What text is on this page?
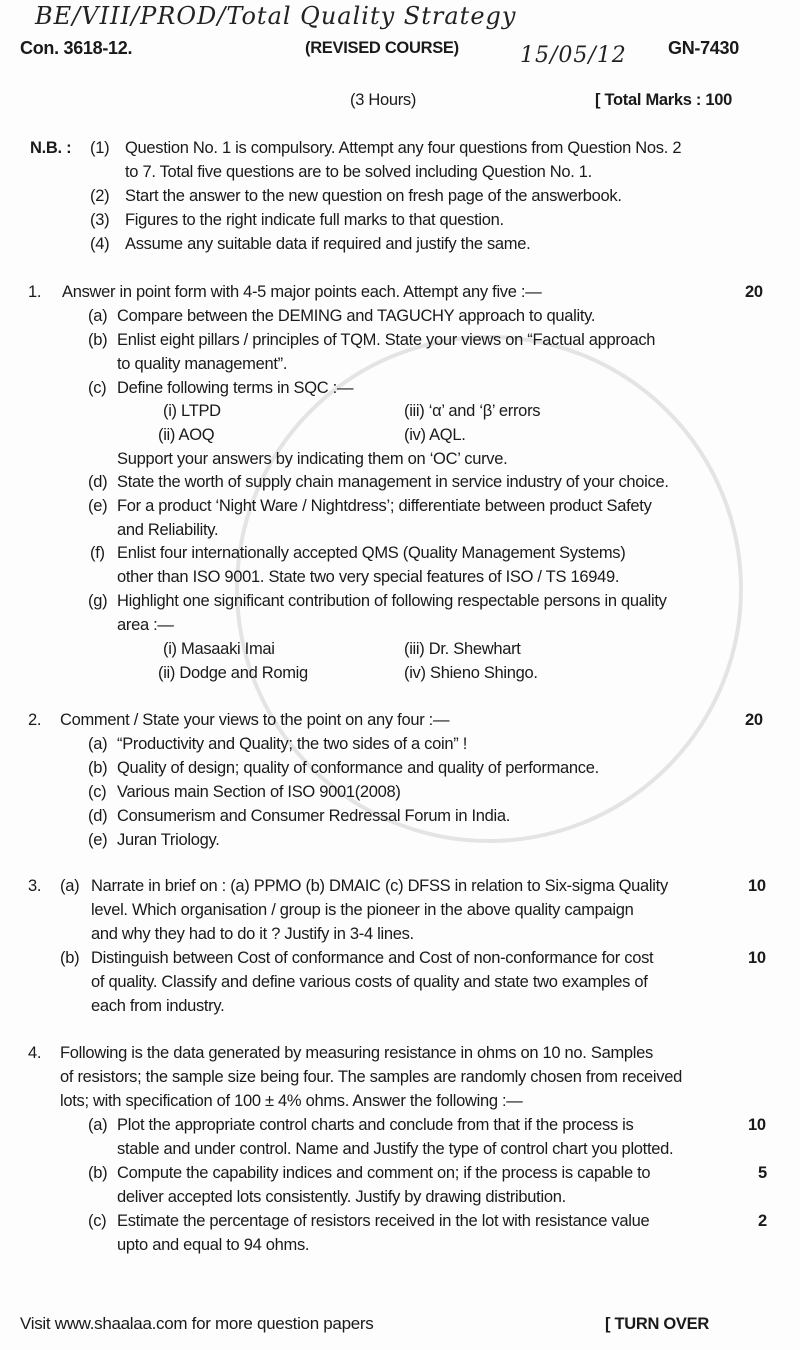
BE/VIII/PROD/Total Quality Strategy
Con. 3618-12.	(REVISED COURSE)	15/05/12 GN-7430
(3 Hours)	[ Total Marks : 100
N.B. : (1) Question No. 1 is compulsory. Attempt any four questions from Question Nos. 2
to 7. Total five questions are to be solved including Question No. 1.
(2) Start the answer to the new question on fresh page of the answerbook.
(3) Figures to the right indicate full marks to that question.
(4) Assume any suitable data if required and justify the same.
1. Answer in point form with 4-5 major points each. Attempt any five :—	20
(a) Compare between the DEMING and TAGUCHY approach to quality.
(b) Enlist eight pillars / principles of TQM. State your views on “Factual approach
to quality management”.
(c) Define following terms in SQC :—
(i) LTPD	(iii) ‘α’ and ‘β’ errors
(ii) AOQ	(iv) AQL.
Support your answers by indicating them on ‘OC’ curve.
(d) State the worth of supply chain management in service industry of your choice.
(e) For a product ‘Night Ware / Nightdress’; differentiate between product Safety
and Reliability.
(f) Enlist four internationally accepted QMS (Quality Management Systems)
other than ISO 9001. State two very special features of ISO / TS 16949.
(g) Highlight one significant contribution of following respectable persons in quality
area :—
(i) Masaaki Imai	(iii) Dr. Shewhart
(ii) Dodge and Romig	(iv) Shieno Shingo.
2. Comment / State your views to the point on any four :—	20
(a) “Productivity and Quality; the two sides of a coin” !
(b) Quality of design; quality of conformance and quality of performance.
(c) Various main Section of ISO 9001(2008)
(d) Consumerism and Consumer Redressal Forum in India.
(e) Juran Triology.
3. (a) Narrate in brief on : (a) PPMO (b) DMAIC (c) DFSS in relation to Six-sigma Quality	10
level. Which organisation / group is the pioneer in the above quality campaign
and why they had to do it ? Justify in 3-4 lines.
(b) Distinguish between Cost of conformance and Cost of non-conformance for cost	10
of quality. Classify and define various costs of quality and state two examples of
each from industry.
4. Following is the data generated by measuring resistance in ohms on 10 no. Samples
of resistors; the sample size being four. The samples are randomly chosen from received
lots; with specification of 100 ± 4% ohms. Answer the following :—
(a) Plot the appropriate control charts and conclude from that if the process is	10
stable and under control. Name and Justify the type of control chart you plotted.
(b) Compute the capability indices and comment on; if the process is capable to	5
deliver accepted lots consistently. Justify by drawing distribution.
(c) Estimate the percentage of resistors received in the lot with resistance value	2
upto and equal to 94 ohms.
Visit www.shaalaa.com for more question papers	[ TURN OVER
